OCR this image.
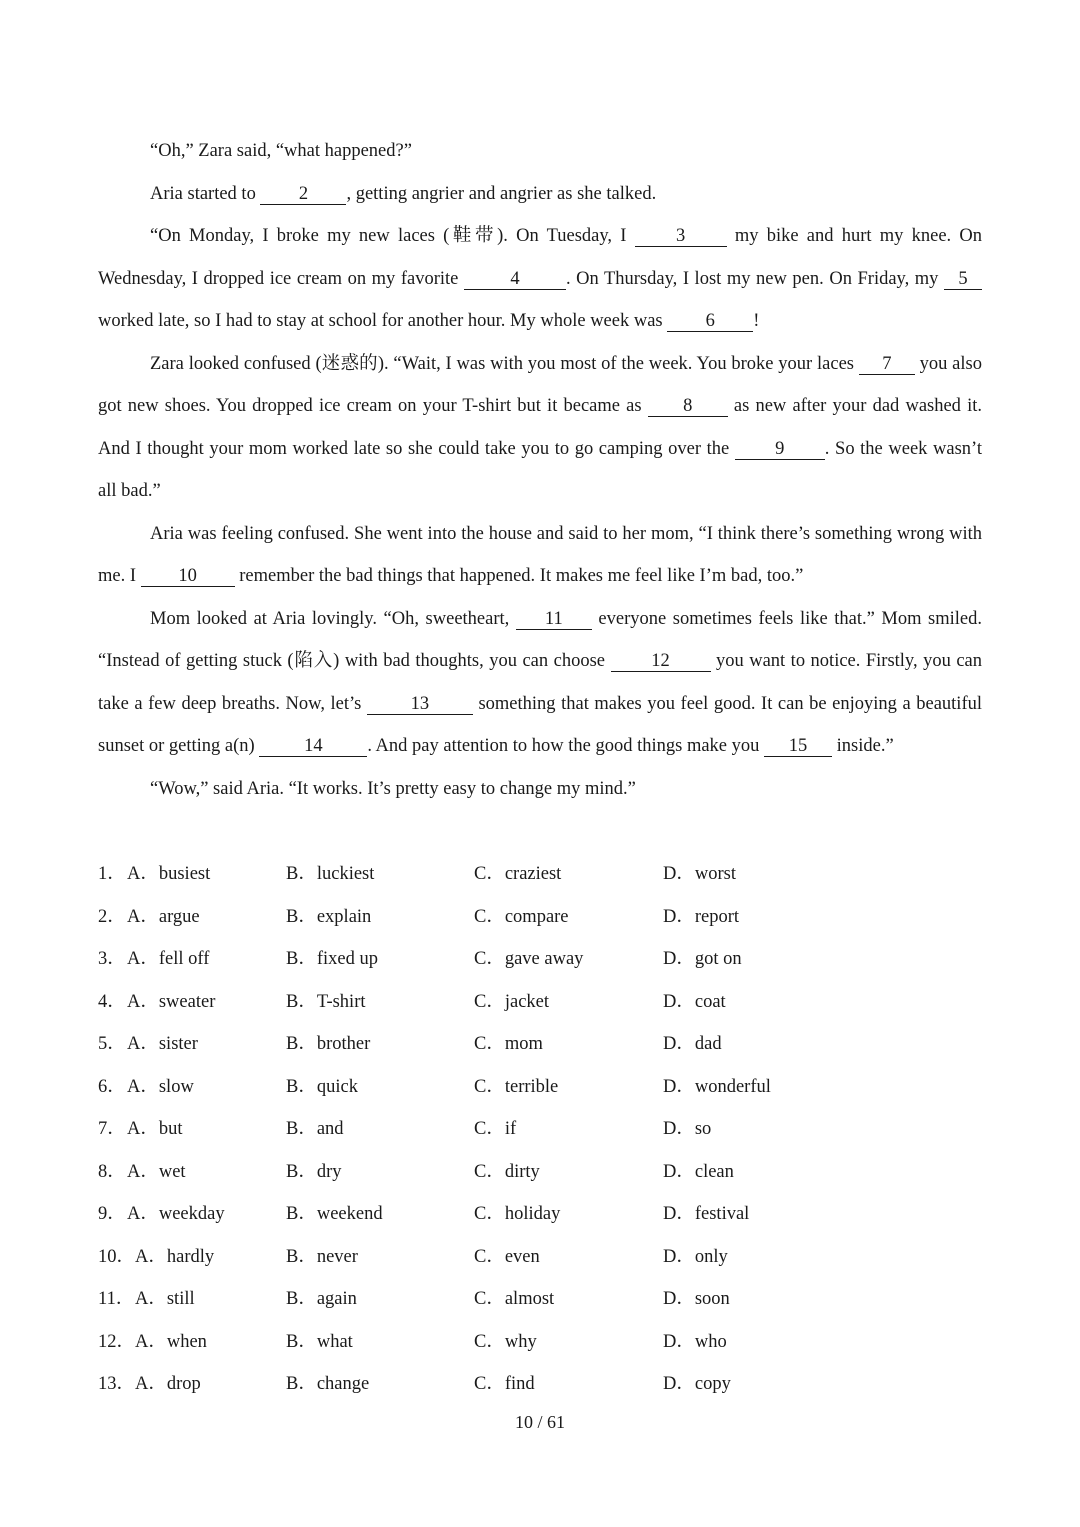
“Oh,” Zara said, “what happened?”

Aria started to 2 , getting angrier and angrier as she talked.

“On Monday, I broke my new laces (鞋带). On Tuesday, I 3 my bike and hurt my knee. On Wednesday, I dropped ice cream on my favorite	4	. On Thursday, I lost my new pen. On Friday, my 5 worked late, so I had to stay at school for another hour. My whole week was 6 !

Zara looked confused (迷惑的). “Wait, I was with you most of the week. You broke your laces 7 you also got new shoes. You dropped ice cream on your T-shirt but it became as 8 as new after your dad washed it. And I thought your mom worked late so she could take you to go camping over the 9 . So the week wasn’t all bad.”

Aria was feeling confused. She went into the house and said to her mom, “I think there’s something wrong with me. I 10 remember the bad things that happened. It makes me feel like I’m bad, too.”

Mom looked at Aria lovingly. “Oh, sweetheart, 11 everyone sometimes feels like that.” Mom smiled. “Instead of getting stuck (陷入) with bad thoughts, you can choose 12 you want to notice. Firstly, you can take a few deep breaths. Now, let’s 13 something that makes you feel good. It can be enjoying a beautiful sunset or getting a(n) 14 . And pay attention to how the good things make you 15 inside.”

“Wow,” said Aria. “It works. It’s pretty easy to change my mind.”

1． A．busiest	B．luckiest	C．craziest	D．worst
2． A．argue	B．explain	C．compare	D．report
3． A．fell off	B．fixed up	C．gave away	D．got on
4． A．sweater	B．T-shirt	C．jacket	D．coat
5． A．sister	B．brother	C．mom	D．dad
6． A．slow	B．quick	C．terrible	D．wonderful
7． A．but	B．and	C．if	D．so
8． A．wet	B．dry	C．dirty	D．clean
9． A．weekday	B．weekend	C．holiday	D．festival
10． A．hardly	B．never	C．even	D．only
11． A．still	B．again	C．almost	D．soon
12． A．when	B．what	C．why	D．who
13． A．drop	B．change	C．find	D．copy
10 / 61
